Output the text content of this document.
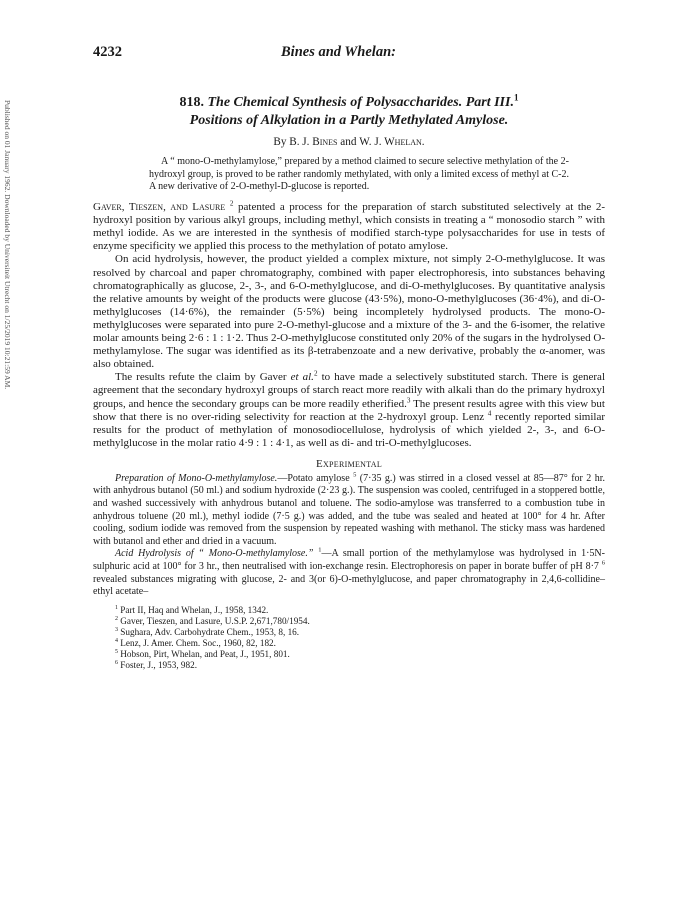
Published on 01 January 1962. Downloaded by Universiteit Utrecht on 1/25/2019 10:21:59 AM.
4232	Bines and Whelan:
818. The Chemical Synthesis of Polysaccharides. Part III.$^1$
Positions of Alkylation in a Partly Methylated Amylose.
By B. J. Bines and W. J. Whelan.
A “ mono-O-methylamylose,” prepared by a method claimed to secure selective methylation of the 2-hydroxyl group, is proved to be rather randomly methylated, with only a limited excess of methyl at C-2. A new derivative of 2-O-methyl-D-glucose is reported.

Gaver, Tieszen, and Lasure $^2$ patented a process for the preparation of starch substituted selectively at the 2-hydroxyl position by various alkyl groups, including methyl, which consists in treating a “ monosodio starch ” with methyl iodide. As we are interested in the synthesis of modified starch-type polysaccharides for use in tests of enzyme specificity we applied this process to the methylation of potato amylose.

On acid hydrolysis, however, the product yielded a complex mixture, not simply 2-O-methylglucose. It was resolved by charcoal and paper chromatography, combined with paper electrophoresis, into substances behaving chromatographically as glucose, 2-, 3-, and 6-O-methylglucose, and di-O-methylglucoses. By quantitative analysis the relative amounts by weight of the products were glucose (43·5%), mono-O-methylglucoses (36·4%), and di-O-methylglucoses (14·6%), the remainder (5·5%) being incompletely hydrolysed products. The mono-O-methylglucoses were separated into pure 2-O-methyl-glucose and a mixture of the 3- and the 6-isomer, the relative molar amounts being 2·6 : 1 : 1·2. Thus 2-O-methylglucose constituted only 20% of the sugars in the hydrolysed O-methylamylose. The sugar was identified as its β-tetrabenzoate and a new derivative, probably the α-anomer, was also obtained.

The results refute the claim by Gaver et al.$^2$ to have made a selectively substituted starch. There is general agreement that the secondary hydroxyl groups of starch react more readily with alkali than do the primary hydroxyl groups, and hence the secondary groups can be more readily etherified.$^3$ The present results agree with this view but show that there is no over-riding selectivity for reaction at the 2-hydroxyl group. Lenz $^4$ recently reported similar results for the product of methylation of monosodiocellulose, hydrolysis of which yielded 2-, 3-, and 6-O-methylglucose in the molar ratio 4·9 : 1 : 4·1, as well as di- and tri-O-methylglucoses.

Experimental

Preparation of Mono-O-methylamylose.—Potato amylose $^5$ (7·35 g.) was stirred in a closed vessel at 85—87° for 2 hr. with anhydrous butanol (50 ml.) and sodium hydroxide (2·23 g.). The suspension was cooled, centrifuged in a stoppered bottle, and washed successively with anhydrous butanol and toluene. The sodio-amylose was transferred to a combustion tube in anhydrous toluene (20 ml.), methyl iodide (7·5 g.) was added, and the tube was sealed and heated at 100° for 4 hr. After cooling, sodium iodide was removed from the suspension by repeated washing with methanol. The sticky mass was hardened with butanol and ether and dried in a vacuum.

Acid Hydrolysis of “ Mono-O-methylamylose.” $^1$—A small portion of the methylamylose was hydrolysed in 1·5N-sulphuric acid at 100° for 3 hr., then neutralised with ion-exchange resin. Electrophoresis on paper in borate buffer of pH 8·7 $^6$ revealed substances migrating with glucose, 2- and 3(or 6)-O-methylglucose, and paper chromatography in 2,4,6-collidine–ethyl acetate–

$^1$ Part II, Haq and Whelan, J., 1958, 1342.
$^2$ Gaver, Tieszen, and Lasure, U.S.P. 2,671,780/1954.
$^3$ Sughara, Adv. Carbohydrate Chem., 1953, 8, 16.
$^4$ Lenz, J. Amer. Chem. Soc., 1960, 82, 182.
$^5$ Hobson, Pirt, Whelan, and Peat, J., 1951, 801.
$^6$ Foster, J., 1953, 982.
